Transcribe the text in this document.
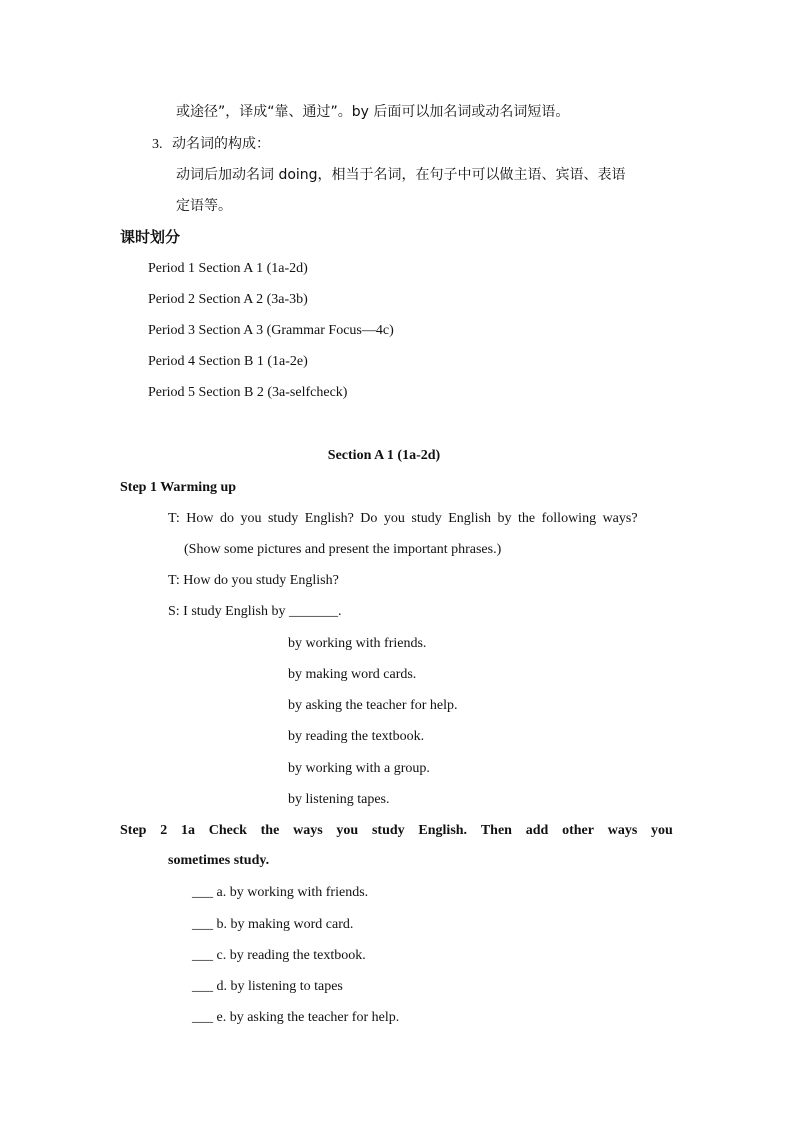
或途径”，译成“靠、通过”。by 后面可以加名词或动名词短语。
3. 动名词的构成：
动词后加动名词 doing，相当于名词，在句子中可以做主语、宾语、表语
定语等。
课时划分
Period 1 Section A 1 (1a-2d)
Period 2 Section A 2 (3a-3b)
Period 3 Section A 3 (Grammar Focus—4c)
Period 4 Section B 1 (1a-2e)
Period 5 Section B 2 (3a-selfcheck)
Section A 1 (1a-2d)
Step 1 Warming up
T: How do you study English? Do you study English by the following ways?
(Show some pictures and present the important phrases.)
T: How do you study English?
S: I study English by _______.
by working with friends.
by making word cards.
by asking the teacher for help.
by reading the textbook.
by working with a group.
by listening tapes.
Step 2 1a Check the ways you study English. Then add other ways you
sometimes study.
___ a. by working with friends.
___ b. by making word card.
___ c. by reading the textbook.
___ d. by listening to tapes
___ e. by asking the teacher for help.
